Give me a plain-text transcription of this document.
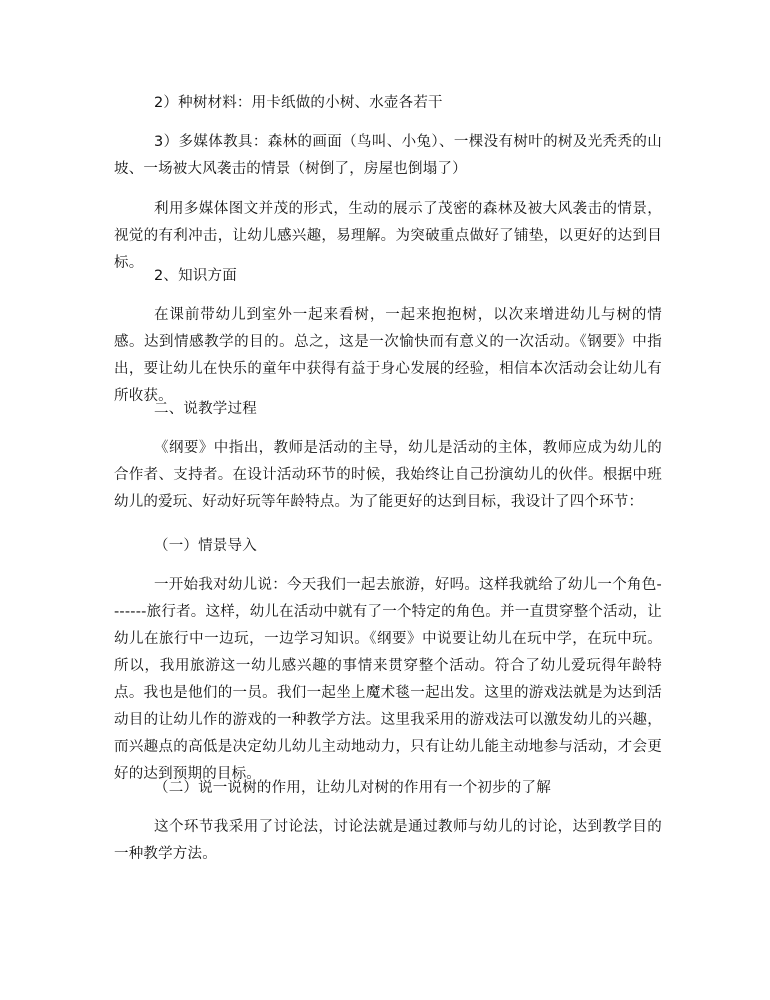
2）种树材料：用卡纸做的小树、水壶各若干

3）多媒体教具：森林的画面（鸟叫、小兔）、一棵没有树叶的树及光秃秃的山坡、一场被大风袭击的情景（树倒了，房屋也倒塌了）

利用多媒体图文并茂的形式，生动的展示了茂密的森林及被大风袭击的情景，视觉的有利冲击，让幼儿感兴趣，易理解。为突破重点做好了铺垫，以更好的达到目标。

2、知识方面

在课前带幼儿到室外一起来看树，一起来抱抱树，以次来增进幼儿与树的情感。达到情感教学的目的。总之，这是一次愉快而有意义的一次活动。《钢要》中指出，要让幼儿在快乐的童年中获得有益于身心发展的经验，相信本次活动会让幼儿有所收获。

二、说教学过程

《纲要》中指出，教师是活动的主导，幼儿是活动的主体，教师应成为幼儿的合作者、支持者。在设计活动环节的时候，我始终让自己扮演幼儿的伙伴。根据中班幼儿的爱玩、好动好玩等年龄特点。为了能更好的达到目标，我设计了四个环节：

（一）情景导入

一开始我对幼儿说：今天我们一起去旅游，好吗。这样我就给了幼儿一个角色-------旅行者。这样，幼儿在活动中就有了一个特定的角色。并一直贯穿整个活动，让幼儿在旅行中一边玩，一边学习知识。《纲要》中说要让幼儿在玩中学，在玩中玩。所以，我用旅游这一幼儿感兴趣的事情来贯穿整个活动。符合了幼儿爱玩得年龄特点。我也是他们的一员。我们一起坐上魔术毯一起出发。这里的游戏法就是为达到活动目的让幼儿作的游戏的一种教学方法。这里我采用的游戏法可以激发幼儿的兴趣，而兴趣点的高低是决定幼儿幼儿主动地动力，只有让幼儿能主动地参与活动，才会更好的达到预期的目标。

（二）说一说树的作用，让幼儿对树的作用有一个初步的了解

这个环节我采用了讨论法，讨论法就是通过教师与幼儿的讨论，达到教学目的一种教学方法。
